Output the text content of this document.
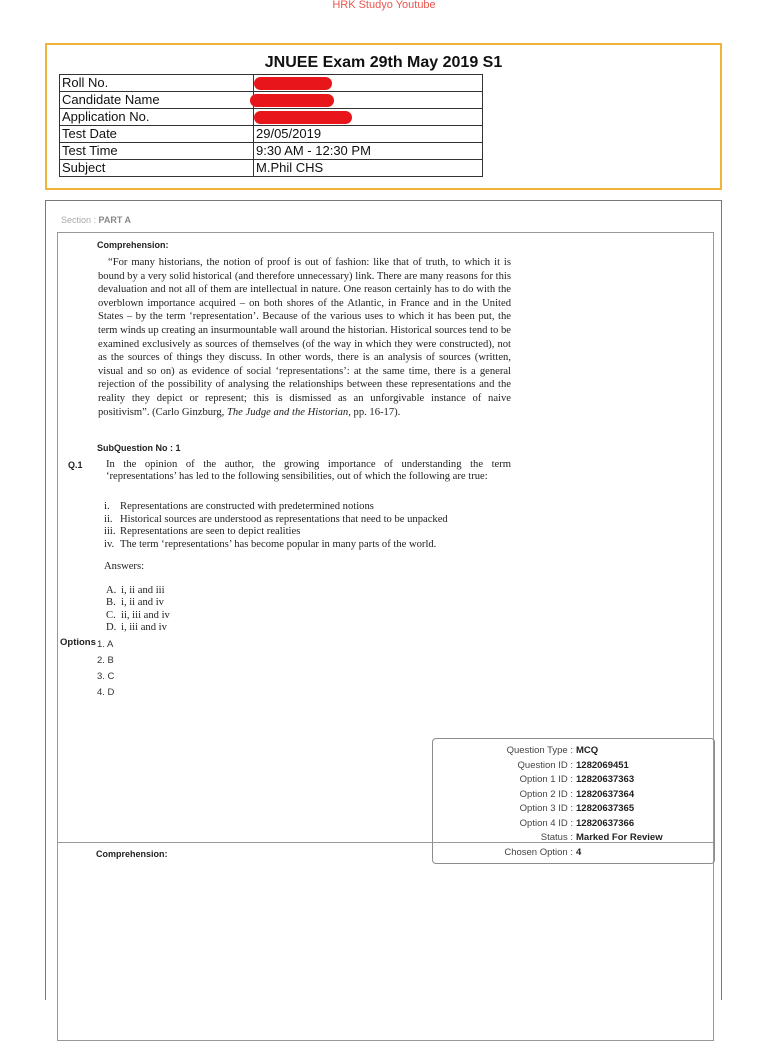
HRK Studyo Youtube
JNUEE Exam 29th May 2019 S1
Roll No.	

Candidate Name	

Application No.	

Test Date	29/05/2019
Test Time	9:30 AM - 12:30 PM
Subject	M.Phil CHS
Section : PART A
Comprehension:
“For many historians, the notion of proof is out of fashion: like that of truth, to which it is bound by a very solid historical (and therefore unnecessary) link. There are many reasons for this devaluation and not all of them are intellectual in nature. One reason certainly has to do with the overblown importance acquired – on both shores of the Atlantic, in France and in the United States – by the term ‘representation’. Because of the various uses to which it has been put, the term winds up creating an insurmountable wall around the historian. Historical sources tend to be examined exclusively as sources of themselves (of the way in which they were constructed), not as the sources of things they discuss. In other words, there is an analysis of sources (written, visual and so on) as evidence of social ‘representations’: at the same time, there is a general rejection of the possibility of analysing the relationships between these representations and the reality they depict or represent; this is dismissed as an unforgivable instance of naive positivism”. (Carlo Ginzburg, The Judge and the Historian, pp. 16-17).
SubQuestion No : 1
Q.1 In the opinion of the author, the growing importance of understanding the term ‘representations’ has led to the following sensibilities, out of which the following are true:
i. Representations are constructed with predetermined notions
ii. Historical sources are understood as representations that need to be unpacked
iii. Representations are seen to depict realities
iv. The term ‘representations’ has become popular in many parts of the world.
Answers:
A. i, ii and iii
B. i, ii and iv
C. ii, iii and iv
D. i, iii and iv
Options 1. A
2. B
3. C
4. D
Question Type : MCQ
Question ID : 1282069451
Option 1 ID : 12820637363
Option 2 ID : 12820637364
Option 3 ID : 12820637365
Option 4 ID : 12820637366
Status : Marked For Review
Chosen Option : 4
Comprehension:
